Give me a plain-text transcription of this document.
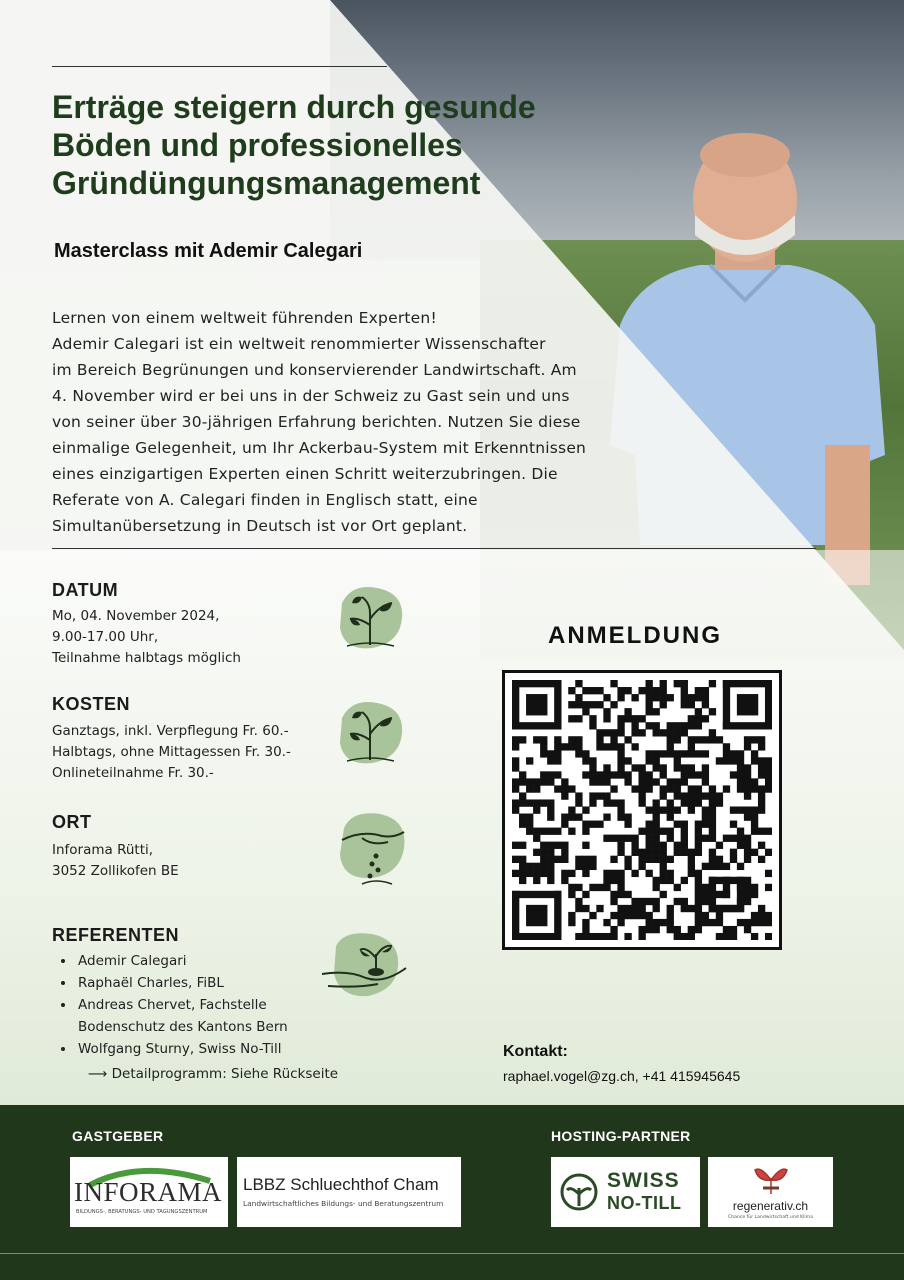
Erträge steigern durch gesunde
Böden und professionelles
Gründüngungsmanagement
Masterclass mit Ademir Calegari
Lernen von einem weltweit führenden Experten!
Ademir Calegari ist ein weltweit renommierter Wissenschafter
im Bereich Begrünungen und konservierender Landwirtschaft. Am
4. November wird er bei uns in der Schweiz zu Gast sein und uns
von seiner über 30-jährigen Erfahrung berichten. Nutzen Sie diese
einmalige Gelegenheit, um Ihr Ackerbau-System mit Erkenntnissen
eines einzigartigen Experten einen Schritt weiterzubringen. Die
Referate von A. Calegari finden in Englisch statt, eine
Simultanübersetzung in Deutsch ist vor Ort geplant.
DATUM
Mo, 04. November 2024,
9.00-17.00 Uhr,
Teilnahme halbtags möglich
KOSTEN
Ganztags, inkl. Verpflegung Fr. 60.-
Halbtags, ohne Mittagessen Fr. 30.-
Onlineteilnahme Fr. 30.-
ORT
Inforama Rütti,
3052 Zollikofen BE
REFERENTEN
• Ademir Calegari
• Raphaël Charles, FiBL
• Andreas Chervet, Fachstelle
Bodenschutz des Kantons Bern
• Wolfgang Sturny, Swiss No-Till
⟶ Detailprogramm: Siehe Rückseite
ANMELDUNG
Kontakt:
raphael.vogel@zg.ch, +41 415945645
GASTGEBER	HOSTING-PARTNER
INFORAMA
BILDUNGS-, BERATUNGS- UND TAGUNGSZENTRUM
LBBZ Schluechthof Cham
Landwirtschaftliches Bildungs- und Beratungszentrum
SWISS
NO-TILL	regenerativ.ch
Chance für Landwirtschaft und Klima
